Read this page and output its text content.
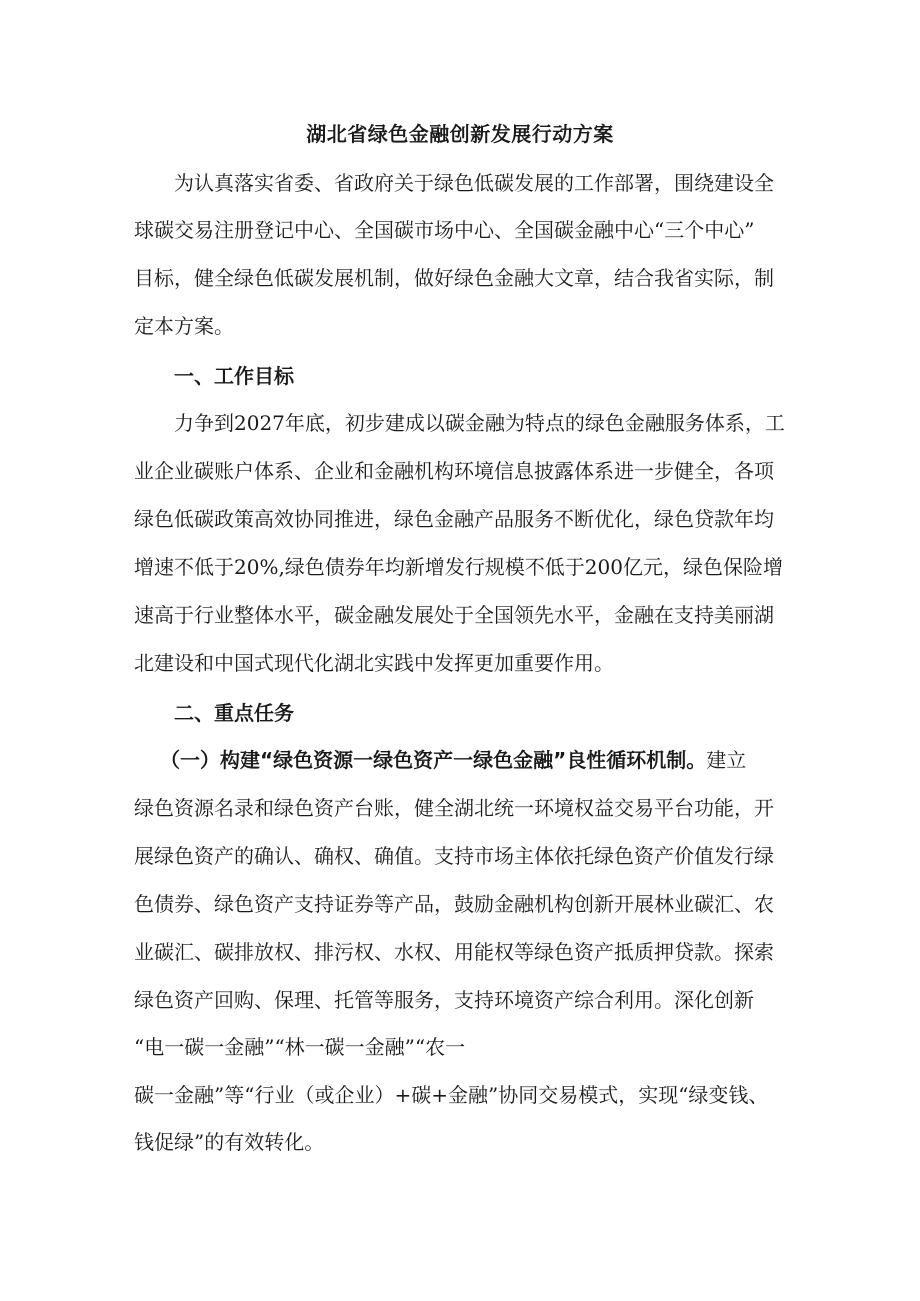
湖北省绿色金融创新发展行动方案
为认真落实省委、省政府关于绿色低碳发展的工作部署，围绕建设全
球碳交易注册登记中心、全国碳市场中心、全国碳金融中心“三个中心”
目标，健全绿色低碳发展机制，做好绿色金融大文章，结合我省实际，制
定本方案。
一、工作目标
力争到2027年底，初步建成以碳金融为特点的绿色金融服务体系，工
业企业碳账户体系、企业和金融机构环境信息披露体系进一步健全，各项
绿色低碳政策高效协同推进，绿色金融产品服务不断优化，绿色贷款年均
增速不低于20%,绿色债券年均新增发行规模不低于200亿元，绿色保险增
速高于行业整体水平，碳金融发展处于全国领先水平，金融在支持美丽湖
北建设和中国式现代化湖北实践中发挥更加重要作用。
二、重点任务
（一）构建“绿色资源一绿色资产一绿色金融”良性循环机制。建立
绿色资源名录和绿色资产台账，健全湖北统一环境权益交易平台功能，开
展绿色资产的确认、确权、确值。支持市场主体依托绿色资产价值发行绿
色债券、绿色资产支持证券等产品，鼓励金融机构创新开展林业碳汇、农
业碳汇、碳排放权、排污权、水权、用能权等绿色资产抵质押贷款。探索
绿色资产回购、保理、托管等服务，支持环境资产综合利用。深化创新
“电一碳一金融”“林一碳一金融”“农一
碳一金融”等“行业（或企业）+碳+金融”协同交易模式，实现“绿变钱、
钱促绿”的有效转化。
